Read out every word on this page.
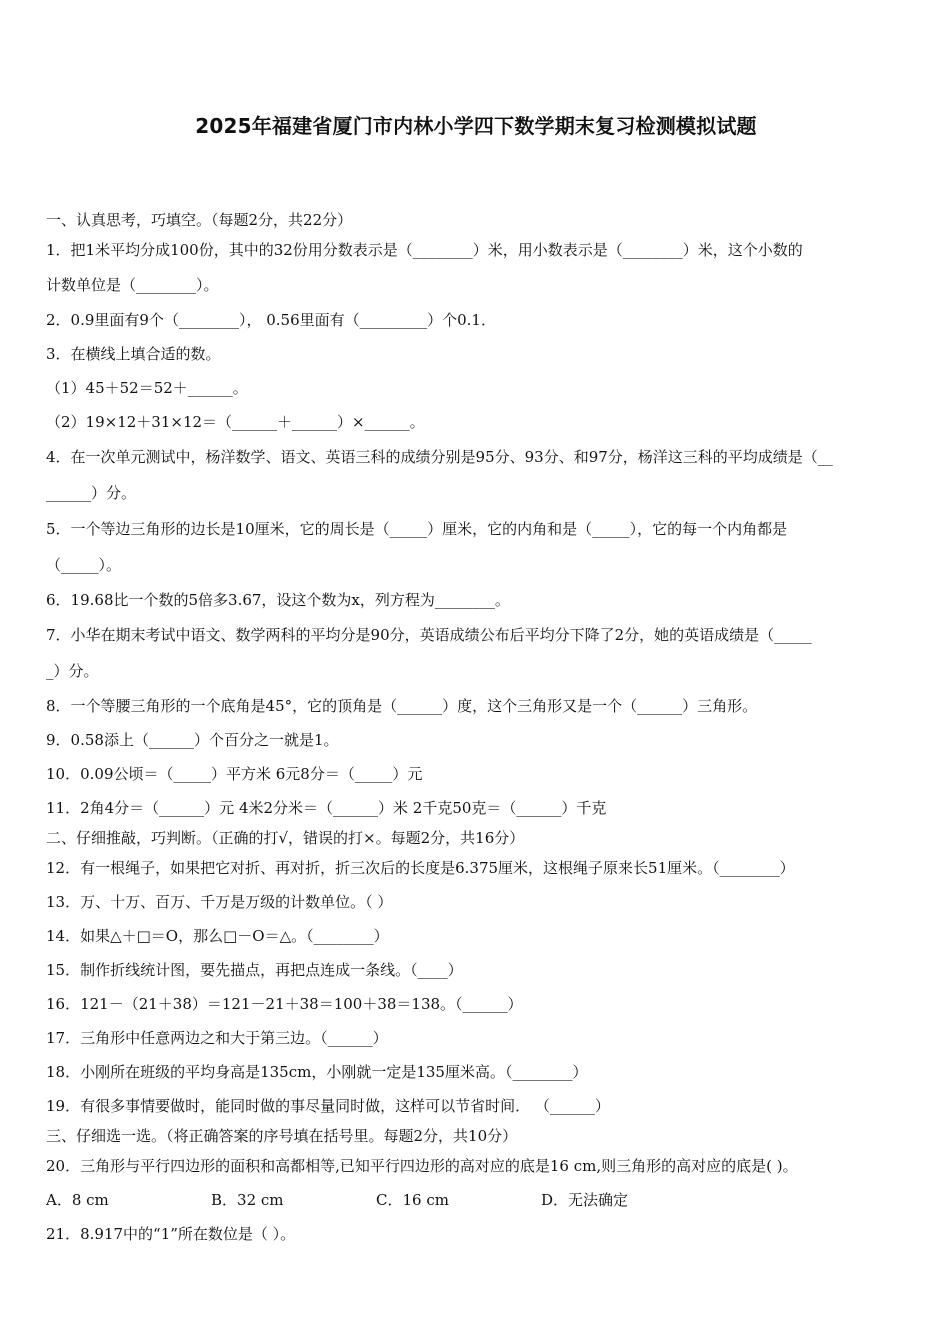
2025年福建省厦门市内林小学四下数学期末复习检测模拟试题
一、认真思考，巧填空。（每题2分，共22分）
1．把1米平均分成100份，其中的32份用分数表示是（________）米，用小数表示是（________）米，这个小数的
计数单位是（________）。
2．0.9里面有9个（________）， 0.56里面有（_________）个0.1．
3．在横线上填合适的数。
（1）45＋52＝52＋______。
（2）19×12＋31×12＝（______＋______）×______。
4．在一次单元测试中，杨洋数学、语文、英语三科的成绩分别是95分、93分、和97分，杨洋这三科的平均成绩是（__
______）分。
5．一个等边三角形的边长是10厘米，它的周长是（_____）厘米，它的内角和是（_____），它的每一个内角都是
（_____）。
6．19.68比一个数的5倍多3.67，设这个数为x，列方程为________。
7．小华在期末考试中语文、数学两科的平均分是90分，英语成绩公布后平均分下降了2分，她的英语成绩是（_____
_）分。
8．一个等腰三角形的一个底角是45°，它的顶角是（______）度，这个三角形又是一个（______）三角形。
9．0.58添上（______）个百分之一就是1。
10．0.09公顷＝（_____）平方米 6元8分＝（_____）元
11．2角4分＝（______）元 4米2分米＝（______）米 2千克50克＝（______）千克
二、仔细推敲，巧判断。（正确的打√，错误的打×。每题2分，共16分）
12．有一根绳子，如果把它对折、再对折，折三次后的长度是6.375厘米，这根绳子原来长51厘米。（________）
13．万、十万、百万、千万是万级的计数单位。（ ）
14．如果△＋□＝O，那么□－O＝△。（________）
15．制作折线统计图，要先描点，再把点连成一条线。（____）
16．121－（21＋38）＝121－21＋38＝100＋38＝138。（______）
17．三角形中任意两边之和大于第三边。（______）
18．小刚所在班级的平均身高是135cm，小刚就一定是135厘米高。（________）
19．有很多事情要做时，能同时做的事尽量同时做，这样可以节省时间． （______）
三、仔细选一选。（将正确答案的序号填在括号里。每题2分，共10分）
20．三角形与平行四边形的面积和高都相等,已知平行四边形的高对应的底是16 cm,则三角形的高对应的底是( )。
A．8 cm	B．32 cm	C．16 cm	D．无法确定
21．8.917中的“1”所在数位是（ ）。
